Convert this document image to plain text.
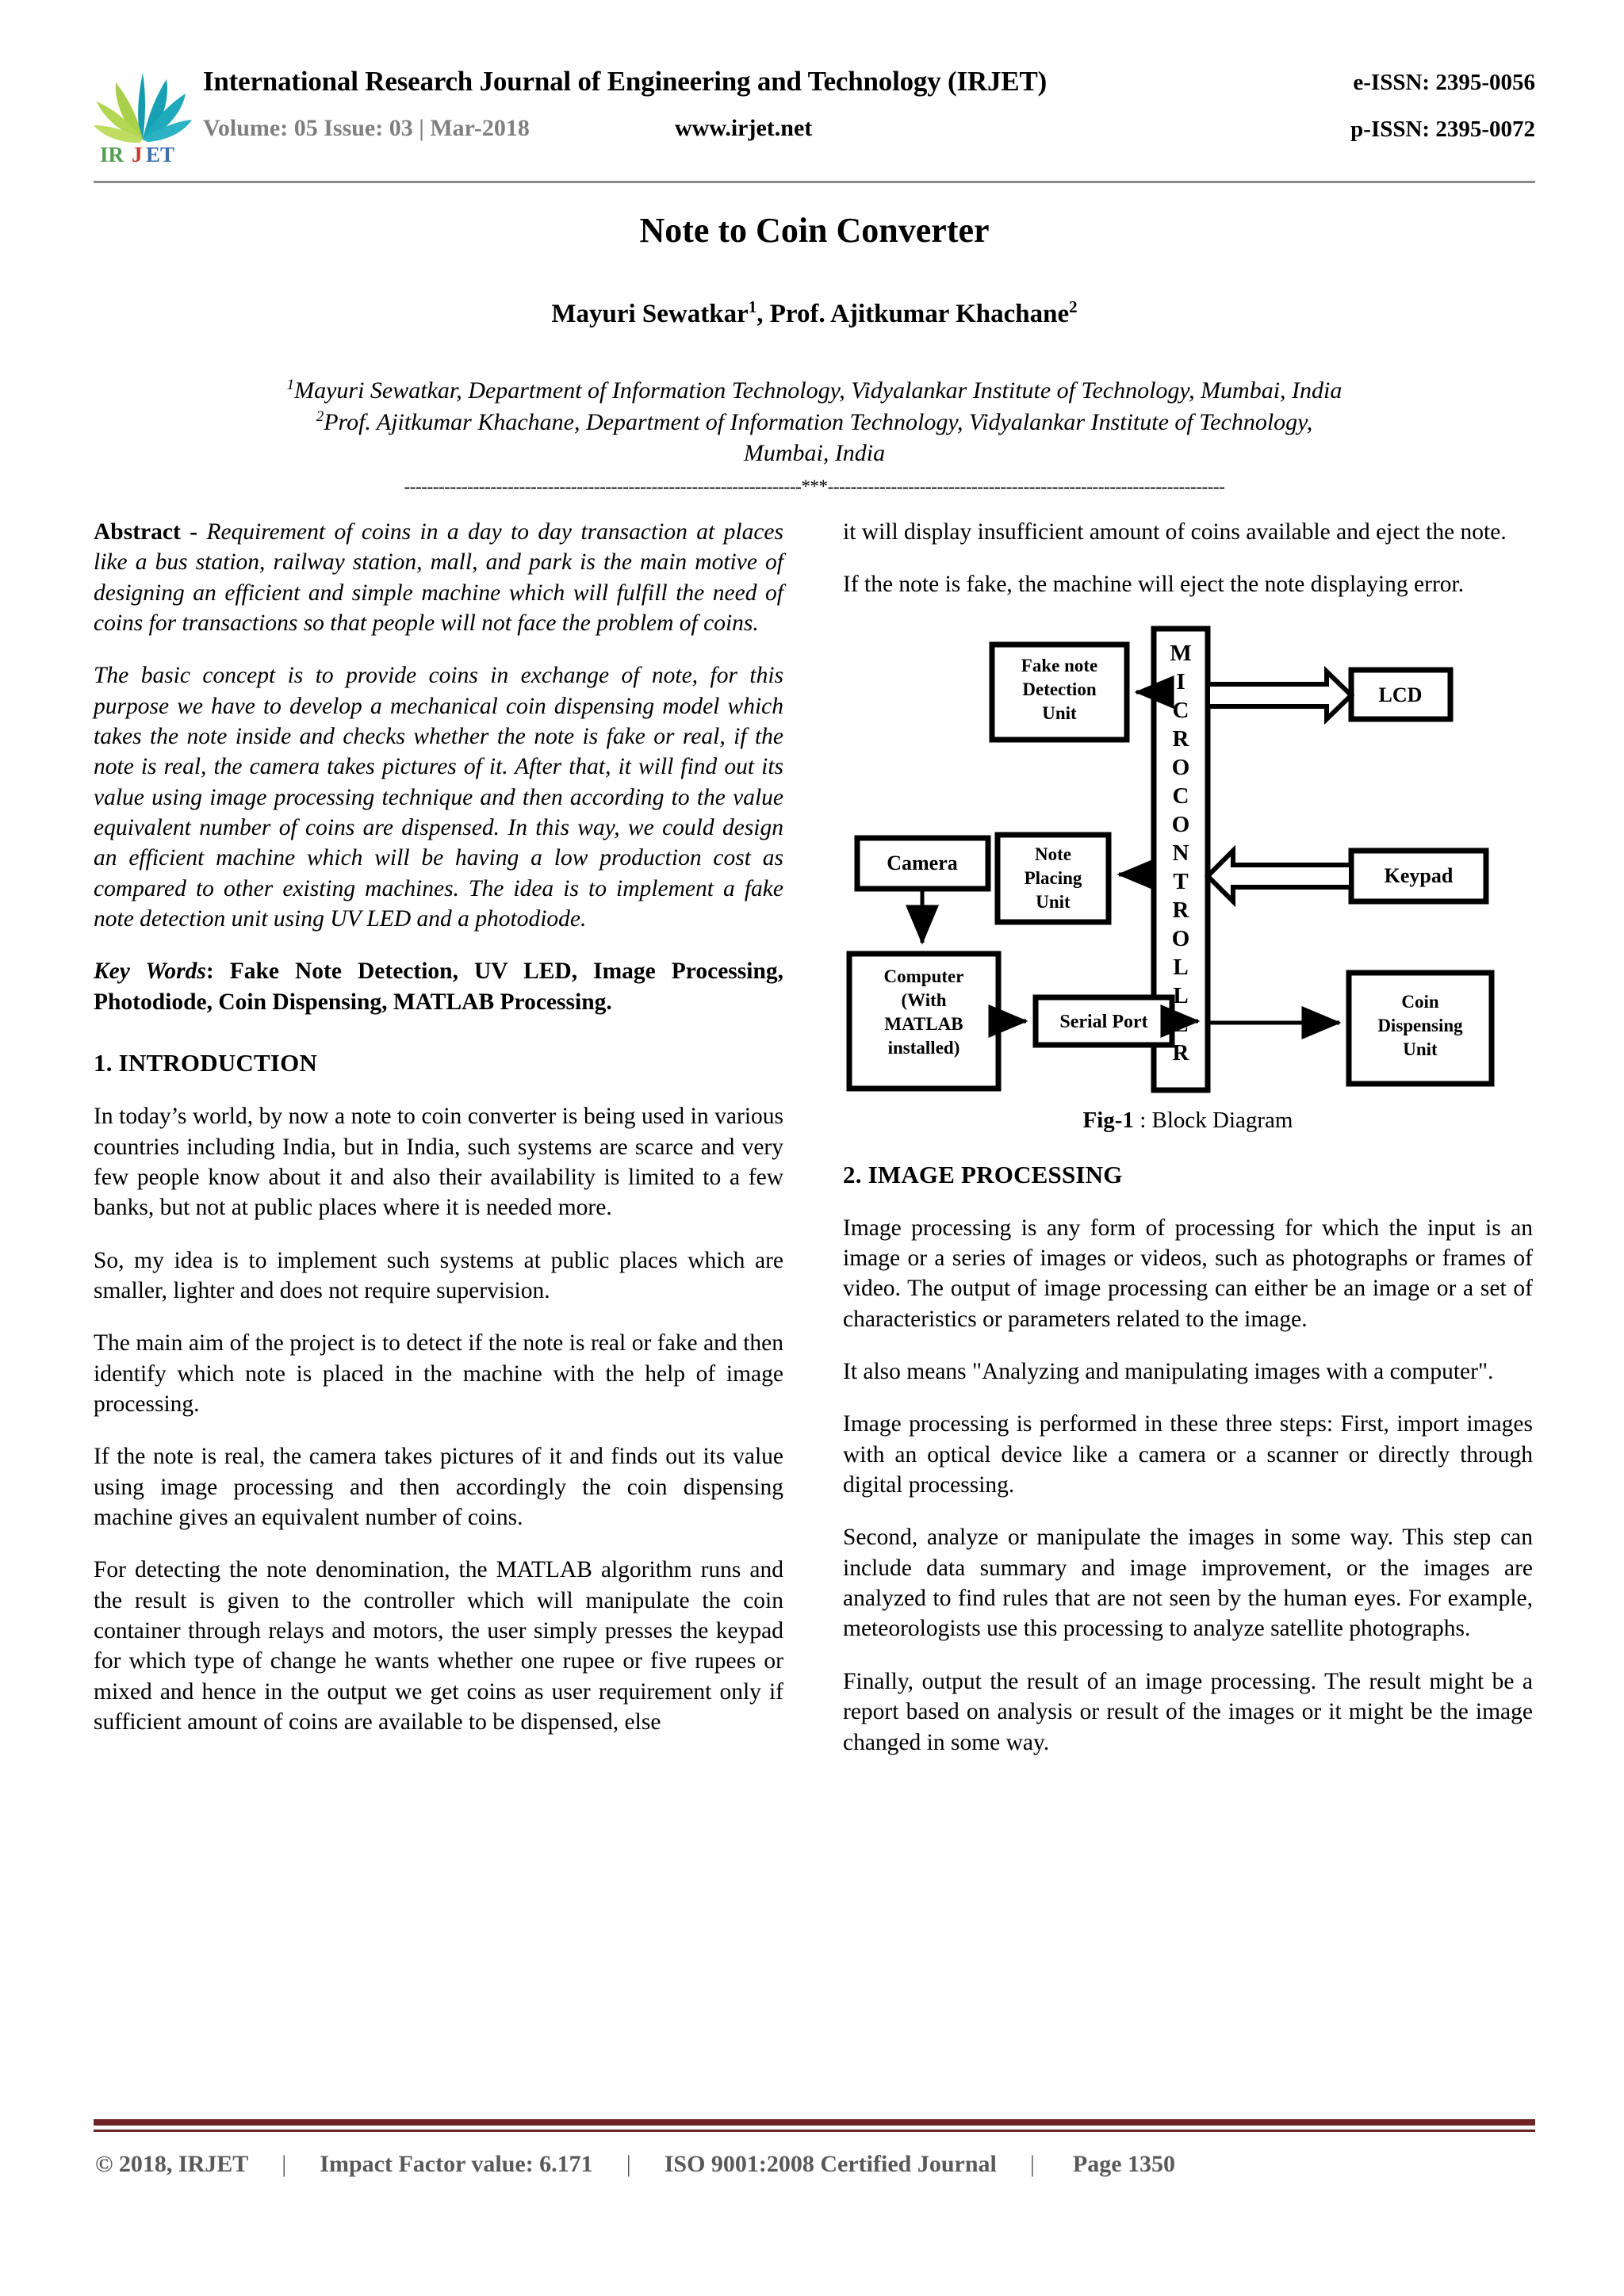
IR J ET
International Research Journal of Engineering and Technology (IRJET)	e-ISSN: 2395-0056
Volume: 05 Issue: 03 | Mar-2018	www.irjet.net	p-ISSN: 2395-0072
Note to Coin Converter
Mayuri Sewatkar$^1$, Prof. Ajitkumar Khachane$^2$
$^1$Mayuri Sewatkar, Department of Information Technology, Vidyalankar Institute of Technology, Mumbai, India
$^2$Prof. Ajitkumar Khachane, Department of Information Technology, Vidyalankar Institute of Technology,
Mumbai, India
---------------------------------------------------------------------***---------------------------------------------------------------------

Abstract - Requirement of coins in a day to day transaction at places like a bus station, railway station, mall, and park is the main motive of designing an efficient and simple machine which will fulfill the need of coins for transactions so that people will not face the problem of coins.

The basic concept is to provide coins in exchange of note, for this purpose we have to develop a mechanical coin dispensing model which takes the note inside and checks whether the note is fake or real, if the note is real, the camera takes pictures of it. After that, it will find out its value using image processing technique and then according to the value equivalent number of coins are dispensed. In this way, we could design an efficient machine which will be having a low production cost as compared to other existing machines. The idea is to implement a fake note detection unit using UV LED and a photodiode.

Key Words: Fake Note Detection, UV LED, Image Processing, Photodiode, Coin Dispensing, MATLAB Processing.

1. INTRODUCTION

In today’s world, by now a note to coin converter is being used in various countries including India, but in India, such systems are scarce and very few people know about it and also their availability is limited to a few banks, but not at public places where it is needed more.

So, my idea is to implement such systems at public places which are smaller, lighter and does not require supervision.

The main aim of the project is to detect if the note is real or fake and then identify which note is placed in the machine with the help of image processing.

If the note is real, the camera takes pictures of it and finds out its value using image processing and then accordingly the coin dispensing machine gives an equivalent number of coins.

For detecting the note denomination, the MATLAB algorithm runs and the result is given to the controller which will manipulate the coin container through relays and motors, the user simply presses the keypad for which type of change he wants whether one rupee or five rupees or mixed and hence in the output we get coins as user requirement only if sufficient amount of coins are available to be dispensed, else

it will display insufficient amount of coins available and eject the note.

If the note is fake, the machine will eject the note displaying error.

M
I
C
R
O
C
O
N
T
R
O
L
L
E
R
Fake note
Detection
Unit
LCD
Camera	Note
Placing
Unit
Keypad
Computer
(With
MATLAB
installed)
Serial Port
Coin
Dispensing
Unit
Fig-1 : Block Diagram
2. IMAGE PROCESSING

Image processing is any form of processing for which the input is an image or a series of images or videos, such as photographs or frames of video. The output of image processing can either be an image or a set of characteristics or parameters related to the image.

It also means "Analyzing and manipulating images with a computer".

Image processing is performed in these three steps: First, import images with an optical device like a camera or a scanner or directly through digital processing.

Second, analyze or manipulate the images in some way. This step can include data summary and image improvement, or the images are analyzed to find rules that are not seen by the human eyes. For example, meteorologists use this processing to analyze satellite photographs.

Finally, output the result of an image processing. The result might be a report based on analysis or result of the images or it might be the image changed in some way.

© 2018, IRJET | Impact Factor value: 6.171 | ISO 9001:2008 Certified Journal | Page 1350
